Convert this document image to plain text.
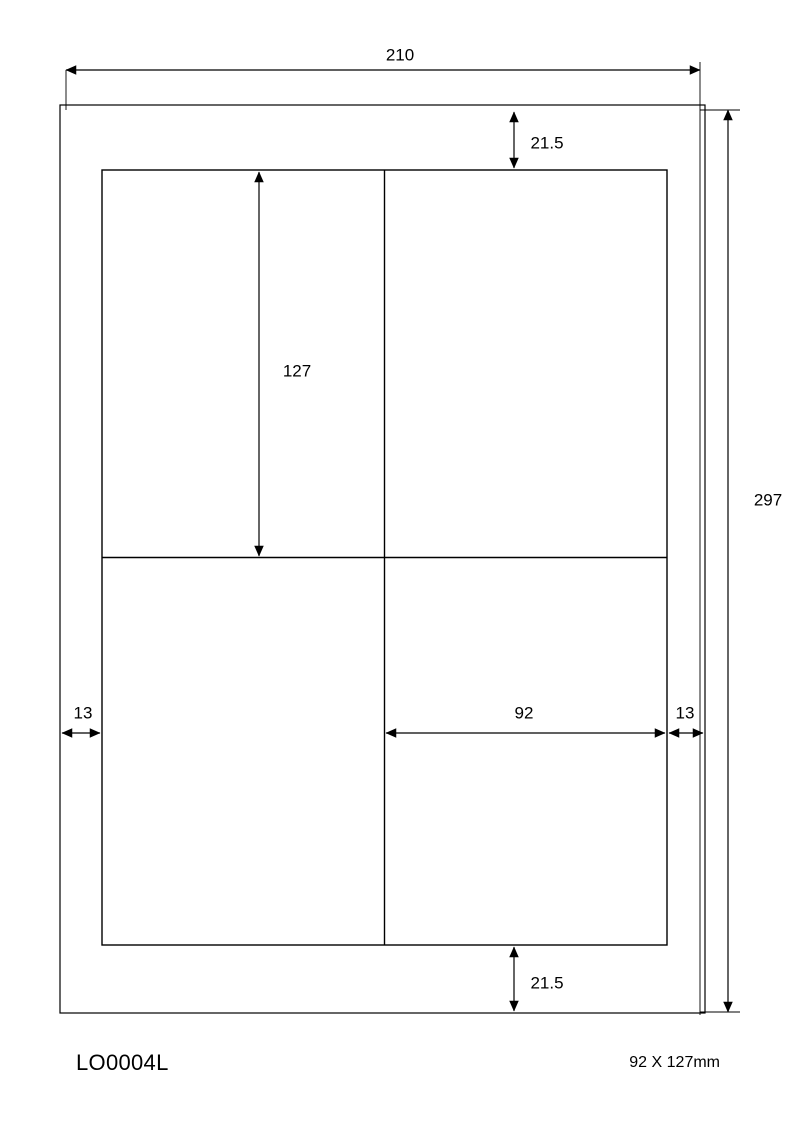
210
297
21.5
21.5
127
92
13	13
LO0004L	92 X 127mm
